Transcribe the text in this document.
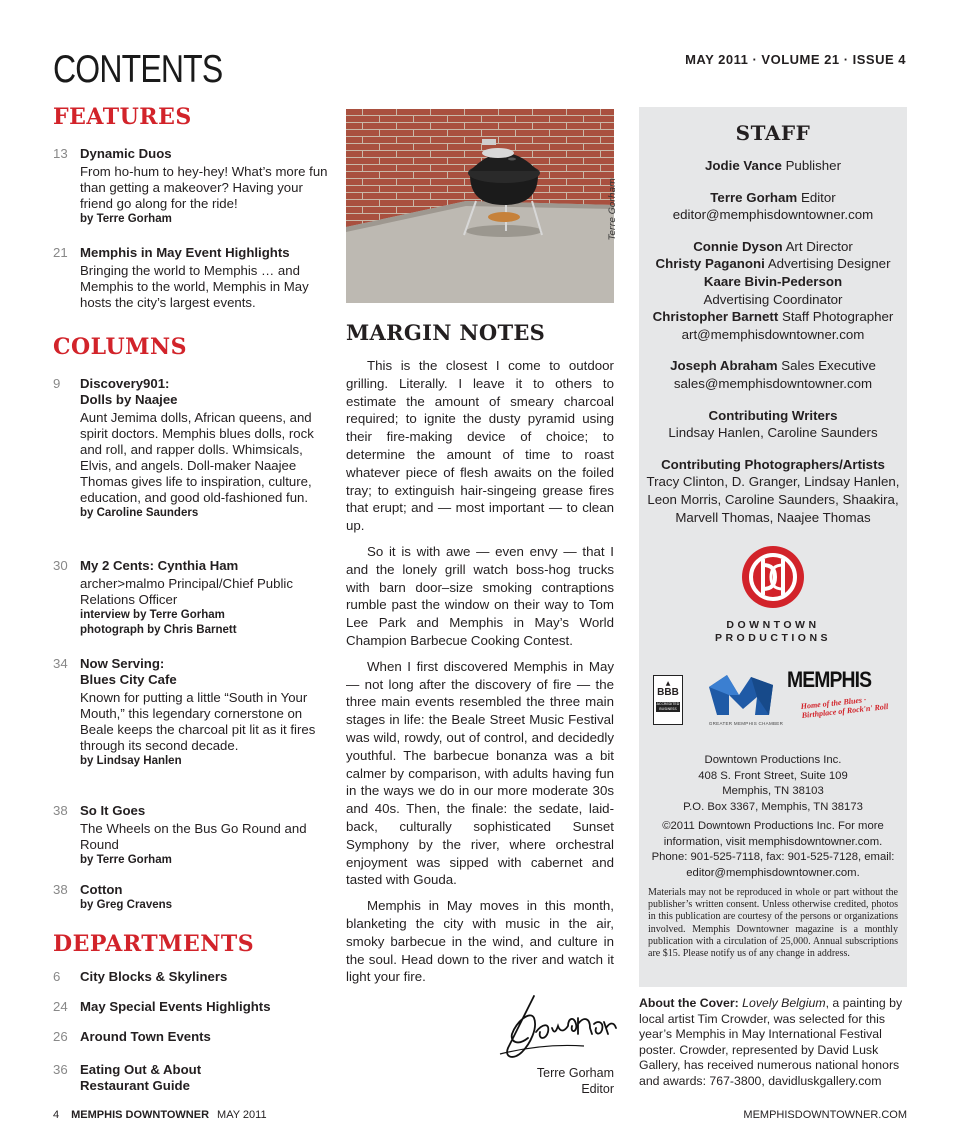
CONTENTS	MAY 2011 · VOLUME 21 · ISSUE 4
FEATURES
13 Dynamic Duos
From ho-hum to hey-hey! What’s more fun than getting a makeover? Having your friend go along for the ride!
by Terre Gorham
21 Memphis in May Event Highlights
Bringing the world to Memphis … and Memphis to the world, Memphis in May hosts the city’s largest events.
COLUMNS
9	Discovery901:
Dolls by Naajee
Aunt Jemima dolls, African queens, and spirit doctors. Memphis blues dolls, rock and roll, and rapper dolls. Whimsicals, Elvis, and angels. Doll-maker Naajee Thomas gives life to inspiration, culture, education, and good old-fashioned fun.
by Caroline Saunders
30 My 2 Cents: Cynthia Ham
archer>malmo Principal/Chief Public Relations Officer
interview by Terre Gorham
photograph by Chris Barnett
34 Now Serving:
Blues City Cafe
Known for putting a little “South in Your Mouth,” this legendary cornerstone on Beale keeps the charcoal pit lit as it fires through its second decade.
by Lindsay Hanlen
38 So It Goes
The Wheels on the Bus Go Round and Round
by Terre Gorham
38 Cotton
by Greg Cravens
DEPARTMENTS
6	City Blocks & Skyliners
24 May Special Events Highlights
26 Around Town Events
36 Eating Out & About
Restaurant Guide
Terre Gorham
MARGIN NOTES

This is the closest I come to outdoor grilling. Literally. I leave it to others to estimate the amount of smeary charcoal required; to ignite the dusty pyramid using their fire-making device of choice; to determine the amount of time to roast whatever piece of flesh awaits on the foiled tray; to extinguish hair-singeing grease fires that erupt; and — most important — to clean up.

So it is with awe — even envy — that I and the lonely grill watch boss-hog trucks with barn door–size smoking contraptions rumble past the window on their way to Tom Lee Park and Memphis in May’s World Champion Barbecue Cooking Contest.

When I first discovered Memphis in May — not long after the discovery of fire — the three main events resembled the three main stages in life: the Beale Street Music Festival was wild, rowdy, out of control, and decidedly youthful. The barbecue bonanza was a bit calmer by comparison, with adults having fun in the ways we do in our more moderate 30s and 40s. Then, the finale: the sedate, laid-back, culturally sophisticated Sunset Symphony by the river, where orchestral enjoyment was sipped with cabernet and tasted with Gouda.

Memphis in May moves in this month, blanketing the city with music in the air, smoky barbecue in the wind, and culture in the soul. Head down to the river and watch it light your fire.

Terre Gorham
Editor
STAFF
Jodie Vance Publisher
Terre Gorham Editor
editor@memphisdowntowner.com
Connie Dyson Art Director
Christy Paganoni Advertising Designer
Kaare Bivin-Pederson
Advertising Coordinator
Christopher Barnett Staff Photographer
art@memphisdowntowner.com
Joseph Abraham Sales Executive
sales@memphisdowntowner.com
Contributing Writers
Lindsay Hanlen, Caroline Saunders
Contributing Photographers/Artists
Tracy Clinton, D. Granger, Lindsay Hanlen, Leon Morris, Caroline Saunders, Shaakira, Marvell Thomas, Naajee Thomas
DOWNTOWN
PRODUCTIONS
▲
BBB
ACCREDITED BUSINESS
GREATER MEMPHIS CHAMBER
MEMPHIS
Home of the Blues · Birthplace of Rock'n' Roll
Downtown Productions Inc.
408 S. Front Street, Suite 109
Memphis, TN 38103
P.O. Box 3367, Memphis, TN 38173
©2011 Downtown Productions Inc. For more information, visit memphisdowntowner.com. Phone: 901-525-7118, fax: 901-525-7128, email: editor@memphisdowntowner.com.
Materials may not be reproduced in whole or part without the publisher’s written consent. Unless otherwise credited, photos in this publication are courtesy of the persons or organizations involved. Memphis Downtowner magazine is a monthly publication with a circulation of 25,000. Annual subscriptions are $15. Please notify us of any change in address.
About the Cover: Lovely Belgium, a painting by local artist Tim Crowder, was selected for this year’s Memphis in May International Festival poster. Crowder, represented by David Lusk Gallery, has received numerous national honors and awards: 767-3800, davidluskgallery.com
4 MEMPHIS DOWNTOWNER MAY 2011	MEMPHISDOWNTOWNER.COM
